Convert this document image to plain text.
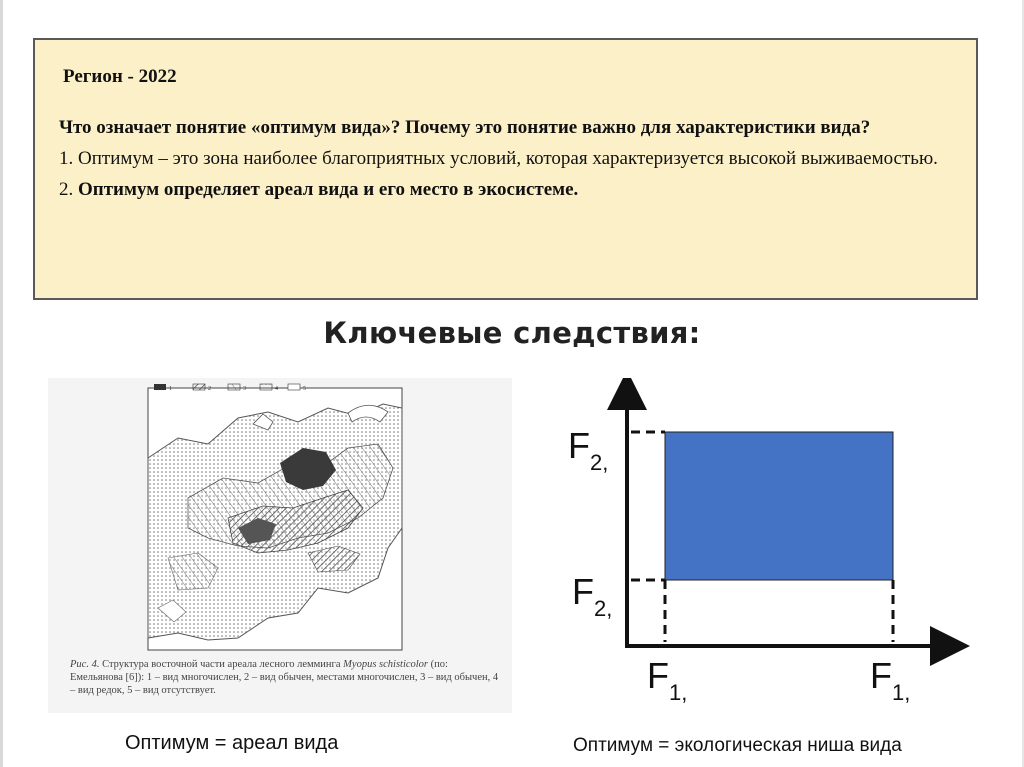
Регион - 2022
Что означает понятие «оптимум вида»? Почему это понятие важно для характеристики вида?
1. Оптимум – это зона наиболее благоприятных условий, которая характеризуется высокой выживаемостью.
2. Оптимум определяет ареал вида и его место в экосистеме.
Ключевые следствия:
1	2	3	4	5
Рис. 4. Структура восточной части ареала лесного лемминга Myopus schisticolor (по: Емельянова [6]): 1 – вид многочислен, 2 – вид обычен, местами многочислен, 3 – вид обычен, 4 – вид редок, 5 – вид отсутствует.
Оптимум = ареал вида
$F_{2,}$
$F_{2,}$
$F_{1,}$	$F_{1,}$
Оптимум = экологическая ниша вида
